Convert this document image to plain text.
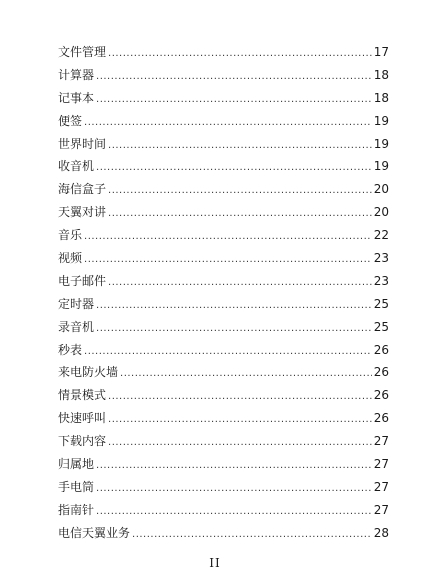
文件管理 .....	17
计算器 .....	18
记事本 .....	18
便签 .....	19
世界时间 .....	19
收音机 .....	19
海信盒子 .....	20
天翼对讲 .....	20
音乐 .....	22
视频 .....	23
电子邮件 .....	23
定时器 .....	25
录音机 .....	25
秒表 .....	26
来电防火墙 .....	26
情景模式 .....	26
快速呼叫 .....	26
下载内容 .....	27
归属地 .....	27
手电筒 .....	27
指南针 .....	27
电信天翼业务 .....	28
II
